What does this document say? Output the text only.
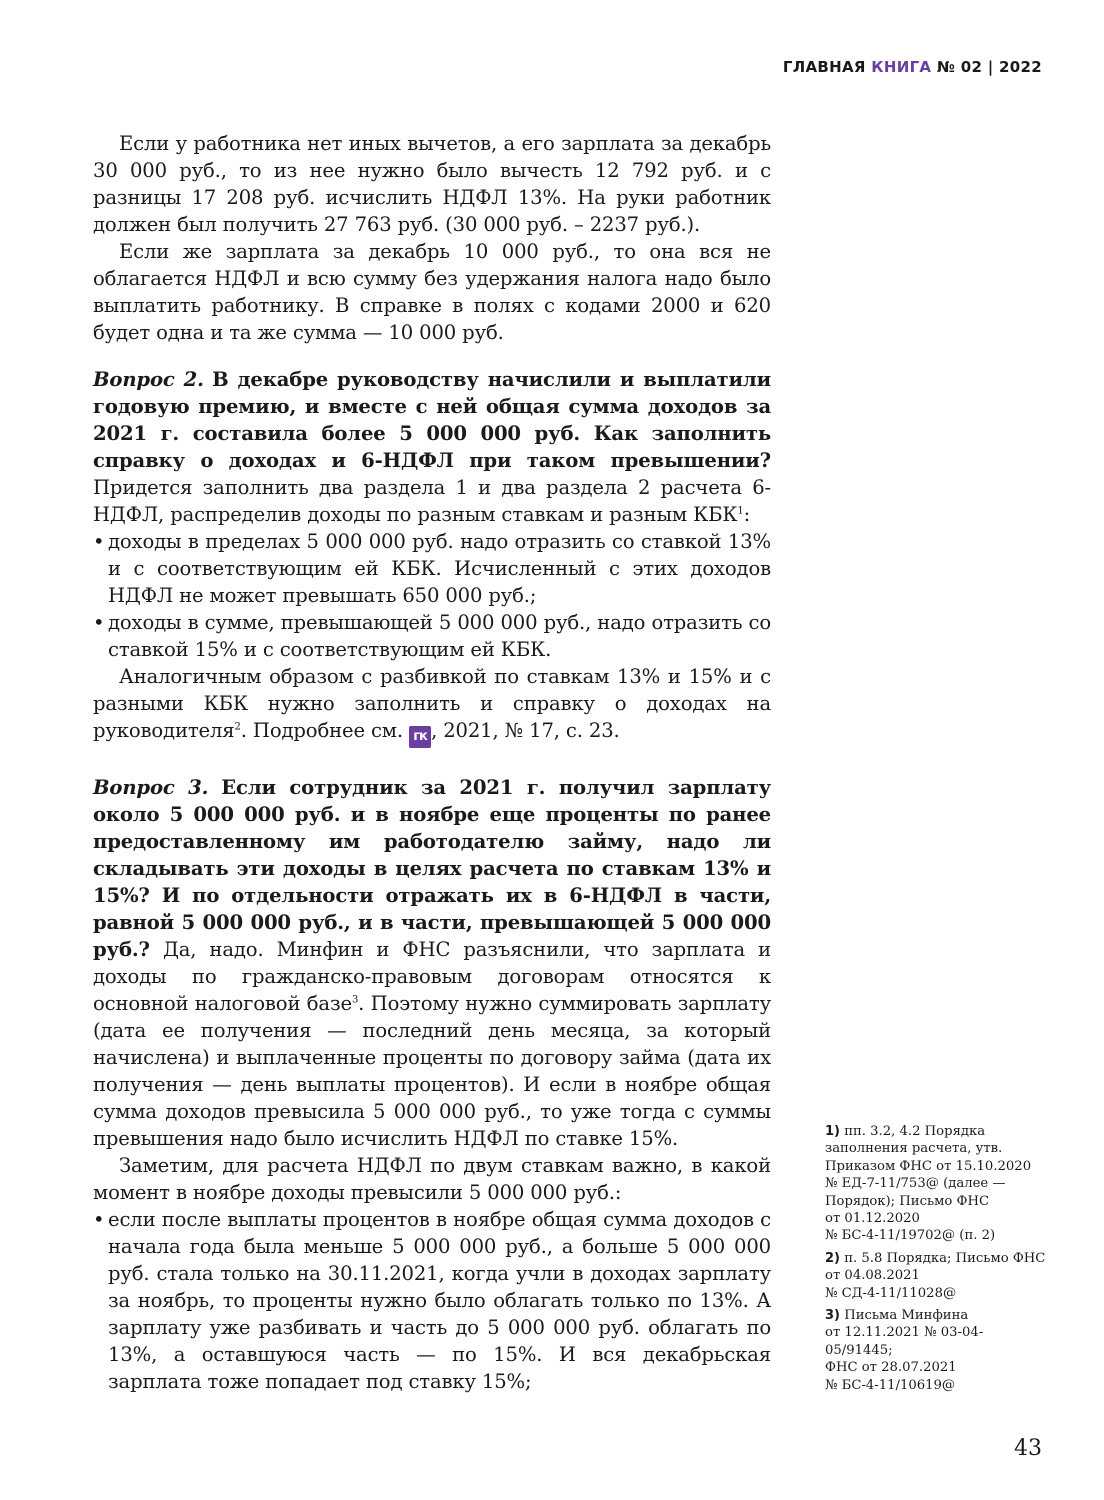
ГЛАВНАЯ КНИГА № 02 | 2022

Если у работника нет иных вычетов, а его зарплата за декабрь 30 000 руб., то из нее нужно было вычесть 12 792 руб. и с разницы 17 208 руб. исчислить НДФЛ 13%. На руки работник должен был получить 27 763 руб. (30 000 руб. – 2237 руб.).

Если же зарплата за декабрь 10 000 руб., то она вся не облагается НДФЛ и всю сумму без удержания налога надо было выплатить работнику. В справке в полях с кодами 2000 и 620 будет одна и та же сумма — 10 000 руб.

Вопрос 2. В декабре руководству начислили и выплатили годовую премию, и вместе с ней общая сумма доходов за 2021 г. составила более 5 000 000 руб. Как заполнить справку о доходах и 6-НДФЛ при таком превышении? Придется заполнить два раздела 1 и два раздела 2 расчета 6-НДФЛ, распределив доходы по разным ставкам и разным КБК$^1$:

• доходы в пределах 5 000 000 руб. надо отразить со ставкой 13% и с соответствующим ей КБК. Исчисленный с этих доходов НДФЛ не может превышать 650 000 руб.;
• доходы в сумме, превышающей 5 000 000 руб., надо отразить со ставкой 15% и с соответствующим ей КБК.

Аналогичным образом с разбивкой по ставкам 13% и 15% и с разными КБК нужно заполнить и справку о доходах на руководителя$^2$. Подробнее см. гк , 2021, № 17, с. 23.

Вопрос 3. Если сотрудник за 2021 г. получил зарплату около 5 000 000 руб. и в ноябре еще проценты по ранее предоставленному им работодателю займу, надо ли складывать эти доходы в целях расчета по ставкам 13% и 15%? И по отдельности отражать их в 6-НДФЛ в части, равной 5 000 000 руб., и в части, превышающей 5 000 000 руб.? Да, надо. Минфин и ФНС разъяснили, что зарплата и доходы по гражданско-правовым договорам относятся к основной налоговой базе$^3$. Поэтому нужно суммировать зарплату (дата ее получения — последний день месяца, за который начислена) и выплаченные проценты по договору займа (дата их получения — день выплаты процентов). И если в ноябре общая сумма доходов превысила 5 000 000 руб., то уже тогда с суммы превышения надо было исчислить НДФЛ по ставке 15%.

Заметим, для расчета НДФЛ по двум ставкам важно, в какой момент в ноябре доходы превысили 5 000 000 руб.:

• если после выплаты процентов в ноябре общая сумма доходов с начала года была меньше 5 000 000 руб., а больше 5 000 000 руб. стала только на 30.11.2021, когда учли в доходах зарплату за ноябрь, то проценты нужно было облагать только по 13%. А зарплату уже разбивать и часть до 5 000 000 руб. облагать по 13%, а оставшуюся часть — по 15%. И вся декабрьская зарплата тоже попадает под ставку 15%;

1) пп. 3.2, 4.2 Порядка
заполнения расчета, утв.
Приказом ФНС от 15.10.2020
№ ЕД-7-11/753@ (далее —
Порядок); Письмо ФНС
от 01.12.2020
№ БС-4-11/19702@ (п. 2)

2) п. 5.8 Порядка; Письмо ФНС
от 04.08.2021
№ СД-4-11/11028@

3) Письма Минфина
от 12.11.2021 № 03-04-05/91445;
ФНС от 28.07.2021
№ БС-4-11/10619@

43
